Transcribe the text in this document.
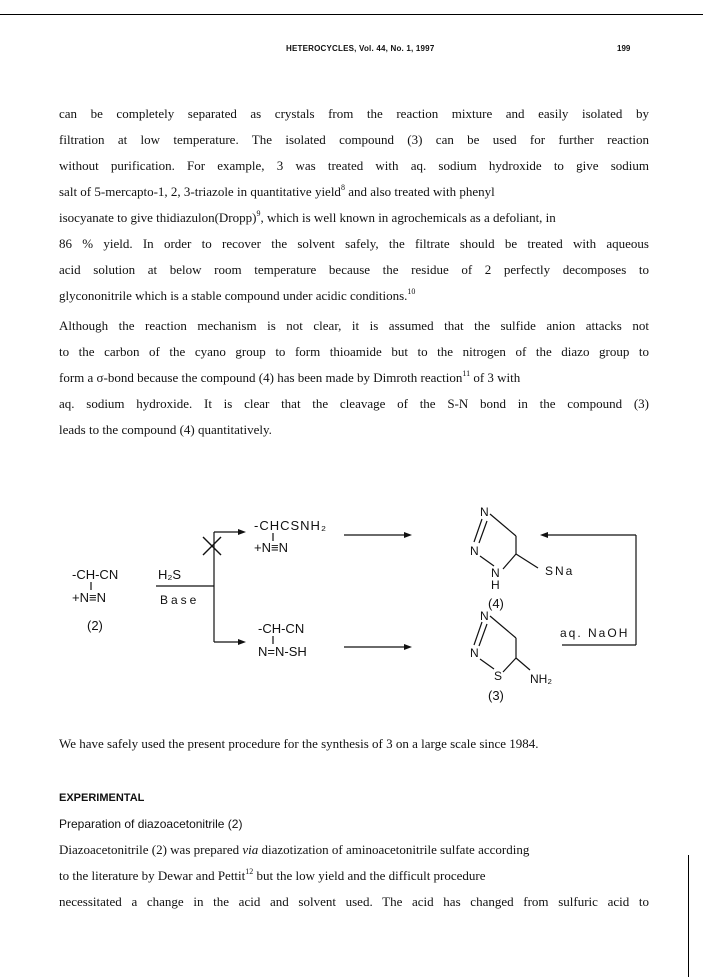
HETEROCYCLES, Vol. 44, No. 1, 1997	199
can be completely separated as crystals from the reaction mixture and easily isolated by
filtration at low temperature. The isolated compound (3) can be used for further reaction
without purification. For example, 3 was treated with aq. sodium hydroxide to give sodium
salt of 5-mercapto-1, 2, 3-triazole in quantitative yield$^8$ and also treated with phenyl
isocyanate to give thidiazulon(Dropp)$^9$, which is well known in agrochemicals as a defoliant, in
86 % yield. In order to recover the solvent safely, the filtrate should be treated with aqueous
acid solution at below room temperature because the residue of 2 perfectly decomposes to
glycononitrile which is a stable compound under acidic conditions.$^{10}$
Although the reaction mechanism is not clear, it is assumed that the sulfide anion attacks not
to the carbon of the cyano group to form thioamide but to the nitrogen of the diazo group to
form a σ-bond because the compound (4) has been made by Dimroth reaction$^{11}$ of 3 with
aq. sodium hydroxide. It is clear that the cleavage of the S-N bond in the compound (3)
leads to the compound (4) quantitatively.
-CH-CN
+N≡N
(2)
H₂S
Base
-CHCSNH₂
+N≡N
-CH-CN
N=N-SH
N
N
N
H
SNa
(4)
N
N
S NH₂
(3)
aq. NaOH
We have safely used the present procedure for the synthesis of 3 on a large scale since 1984.
EXPERIMENTAL
Preparation of diazoacetonitrile (2)
Diazoacetonitrile (2) was prepared via diazotization of aminoacetonitrile sulfate according
to the literature by Dewar and Pettit$^{12}$ but the low yield and the difficult procedure
necessitated a change in the acid and solvent used. The acid has changed from sulfuric acid to
